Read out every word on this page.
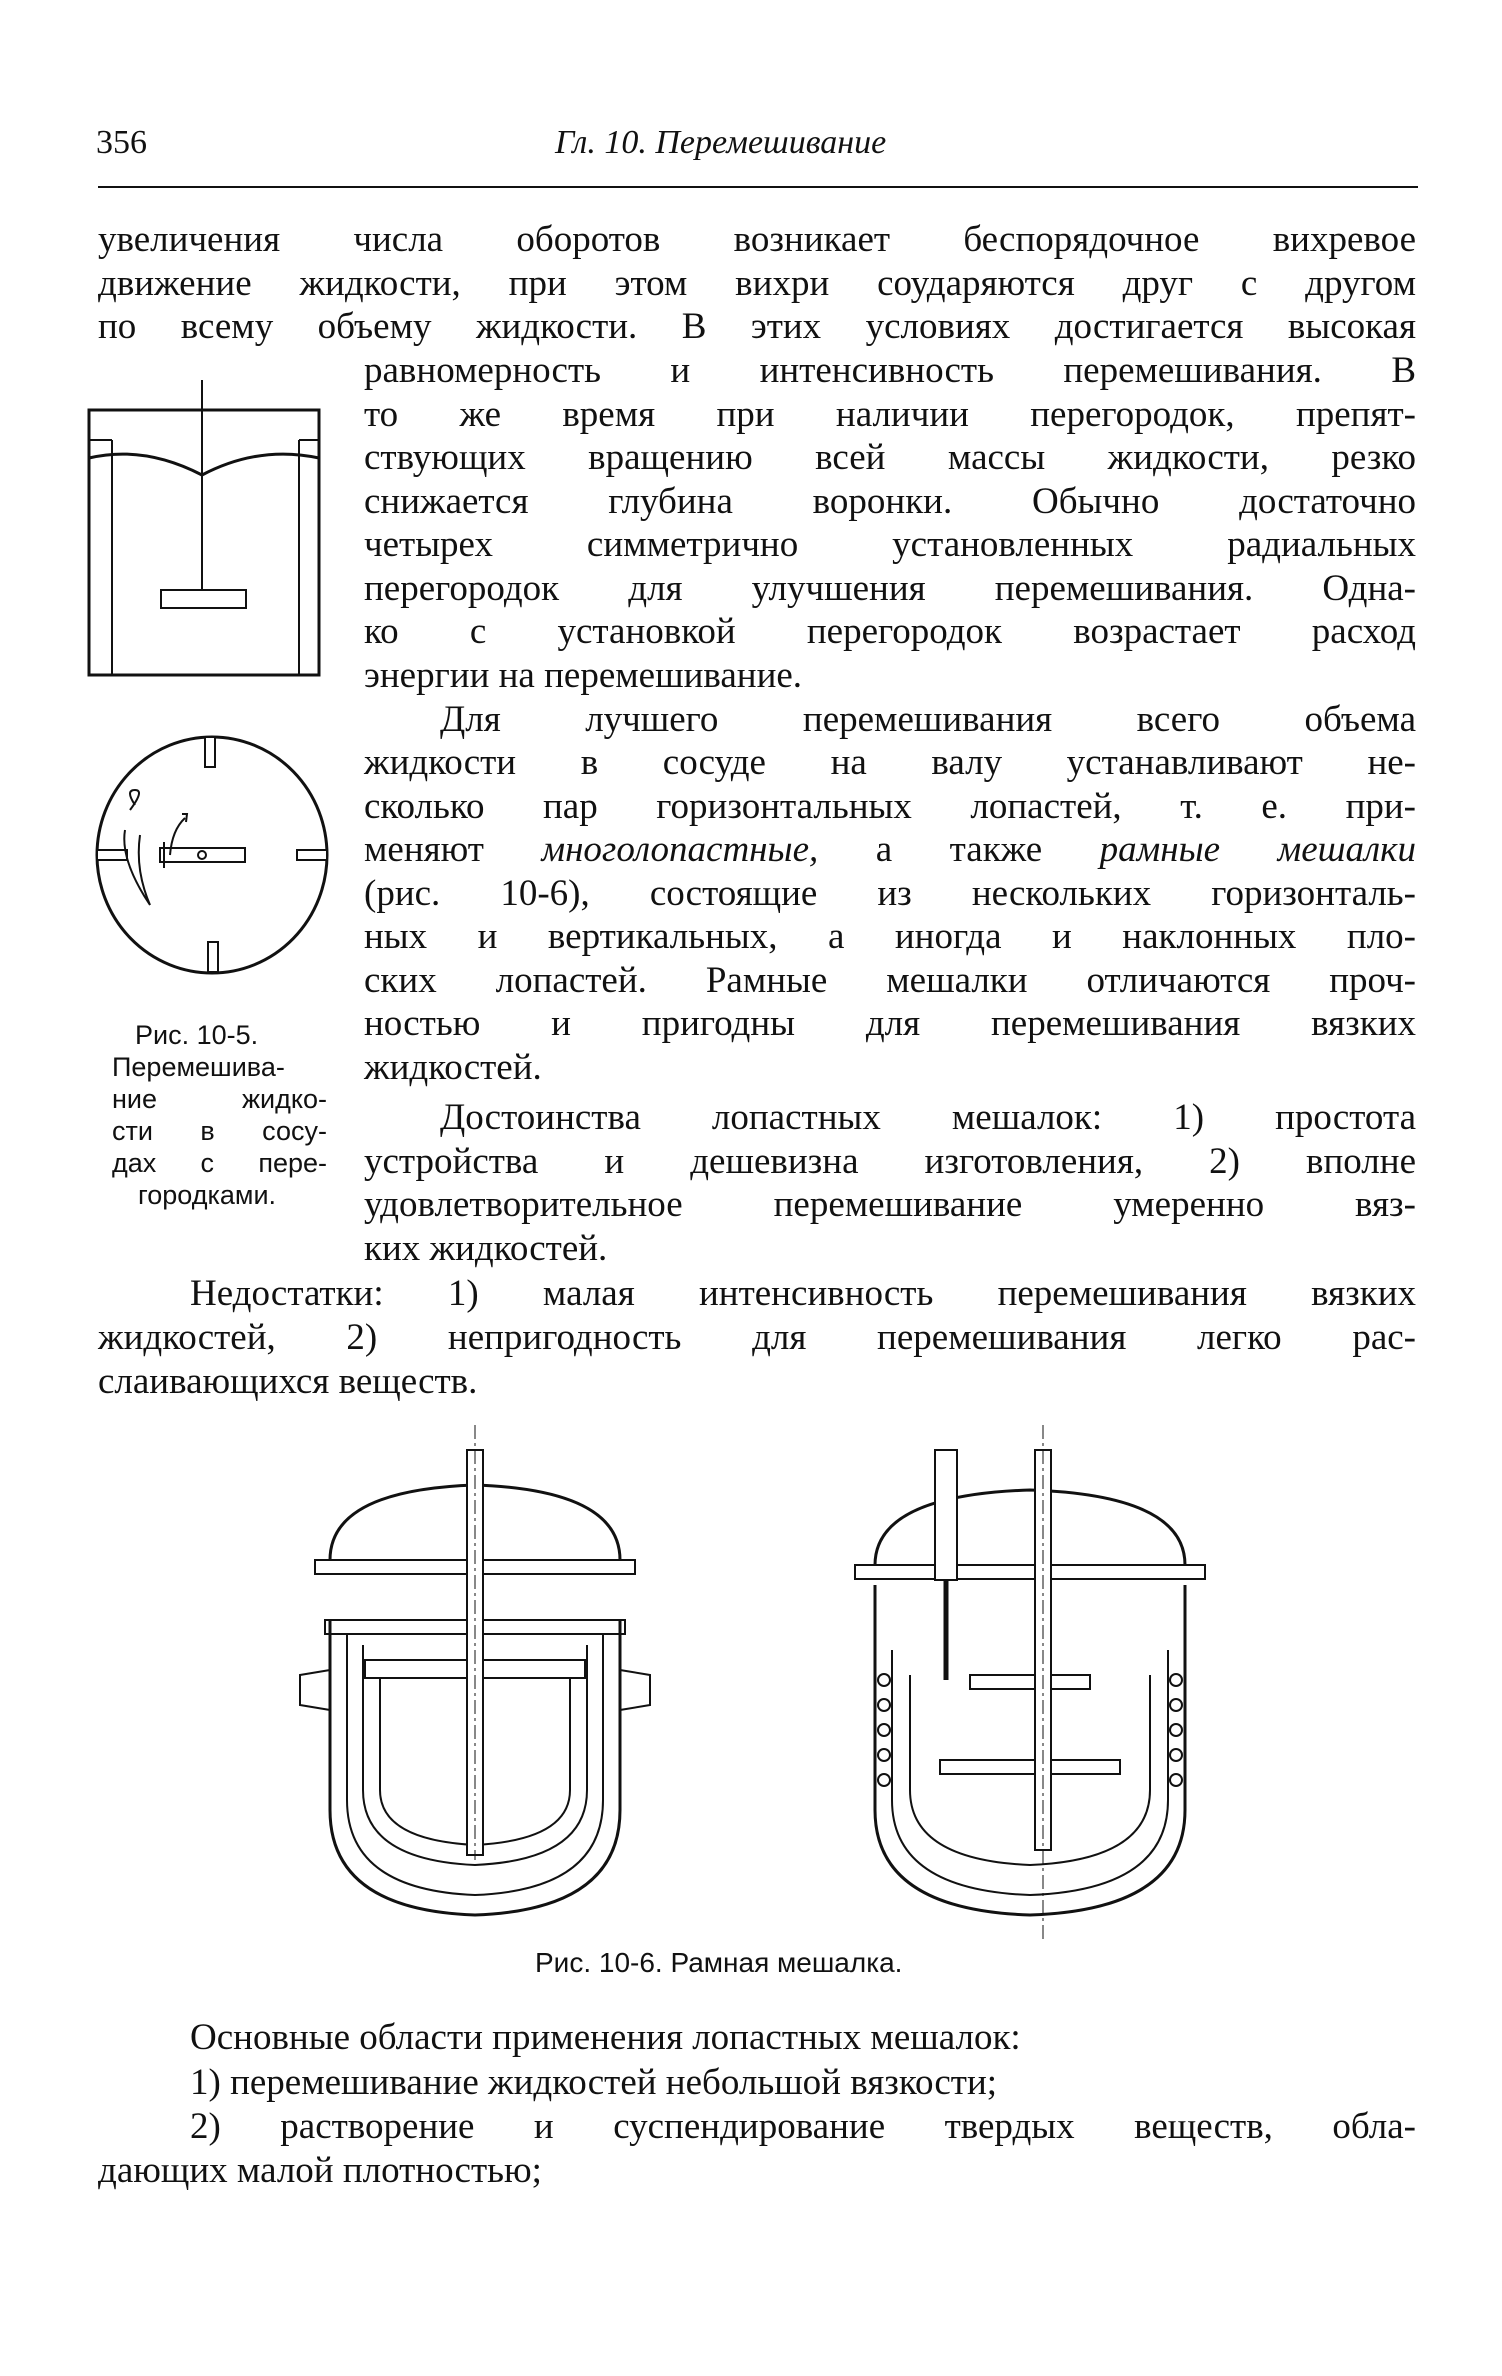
356	Гл. 10. Перемешивание
увеличения числа оборотов возникает беспорядочное вихревое
движение жидкости, при этом вихри соударяются друг с другом
по всему объему жидкости. В этих условиях достигается высокая
равномерность и интенсивность перемешивания. В
то же время при наличии перегородок, препят-
ствующих вращению всей массы жидкости, резко
снижается глубина воронки. Обычно достаточно
четырех симметрично установленных радиальных
перегородок для улучшения перемешивания. Одна-
ко с установкой перегородок возрастает расход
энергии на перемешивание.
Для лучшего перемешивания всего объема
жидкости в сосуде на валу устанавливают не-
сколько пар горизонтальных лопастей, т. е. при-
меняют многолопастные, а также рамные мешалки
(рис. 10-6), состоящие из нескольких горизонталь-
ных и вертикальных, а иногда и наклонных пло-
ских лопастей. Рамные мешалки отличаются проч-
ностью и пригодны для перемешивания вязких
жидкостей.
Достоинства лопастных мешалок: 1) простота
устройства и дешевизна изготовления, 2) вполне
удовлетворительное перемешивание умеренно вяз-
ких жидкостей.
Недостатки: 1) малая интенсивность перемешивания вязких
жидкостей, 2) непригодность для перемешивания легко рас-
слаивающихся веществ.
Рис. 10-5.
Перемешива-
ние жидко-
сти в сосу-
дах с пере-
городками.
Рис. 10-6. Рамная мешалка.
Основные области применения лопастных мешалок:
1) перемешивание жидкостей небольшой вязкости;
2) растворение и суспендирование твердых веществ, обла-
дающих малой плотностью;
